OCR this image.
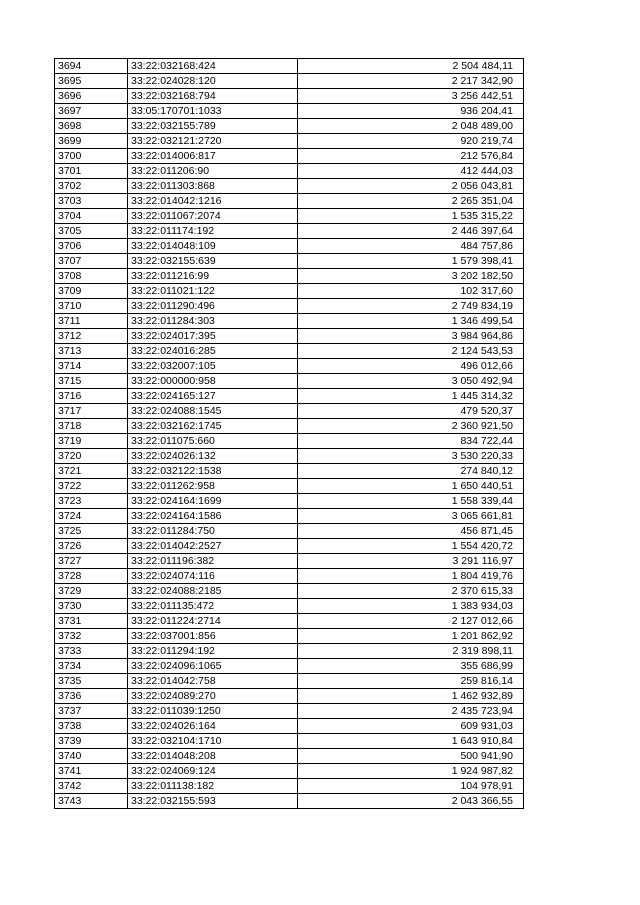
3694	33:22:032168:424	2 504 484,11
3695	33:22:024028:120	2 217 342,90
3696	33:22:032168:794	3 256 442,51
3697	33:05:170701:1033	936 204,41
3698	33:22:032155:789	2 048 489,00
3699	33:22:032121:2720	920 219,74
3700	33:22:014006:817	212 576,84
3701	33:22:011206:90	412 444,03
3702	33:22:011303:868	2 056 043,81
3703	33:22:014042:1216	2 265 351,04
3704	33:22:011067:2074	1 535 315,22
3705	33:22:011174:192	2 446 397,64
3706	33:22:014048:109	484 757,86
3707	33:22:032155:639	1 579 398,41
3708	33:22:011216:99	3 202 182,50
3709	33:22:011021:122	102 317,60
3710	33:22:011290:496	2 749 834,19
3711	33:22:011284:303	1 346 499,54
3712	33:22:024017:395	3 984 964,86
3713	33:22:024016:285	2 124 543,53
3714	33:22:032007:105	496 012,66
3715	33:22:000000:958	3 050 492,94
3716	33:22:024165:127	1 445 314,32
3717	33:22:024088:1545	479 520,37
3718	33:22:032162:1745	2 360 921,50
3719	33:22:011075:660	834 722,44
3720	33:22:024026:132	3 530 220,33
3721	33:22:032122:1538	274 840,12
3722	33:22:011262:958	1 650 440,51
3723	33:22:024164:1699	1 558 339,44
3724	33:22:024164:1586	3 065 661,81
3725	33:22:011284:750	456 871,45
3726	33:22:014042:2527	1 554 420,72
3727	33:22:011196:382	3 291 116,97
3728	33:22:024074:116	1 804 419,76
3729	33:22:024088:2185	2 370 615,33
3730	33:22:011135:472	1 383 934,03
3731	33:22:011224:2714	2 127 012,66
3732	33:22:037001:856	1 201 862,92
3733	33:22:011294:192	2 319 898,11
3734	33:22:024096:1065	355 686,99
3735	33:22:014042:758	259 816,14
3736	33:22:024089:270	1 462 932,89
3737	33:22:011039:1250	2 435 723,94
3738	33:22:024026:164	609 931,03
3739	33:22:032104:1710	1 643 910,84
3740	33:22:014048:208	500 941,90
3741	33:22:024069:124	1 924 987,82
3742	33:22:011138:182	104 978,91
3743	33:22:032155:593	2 043 366,55
